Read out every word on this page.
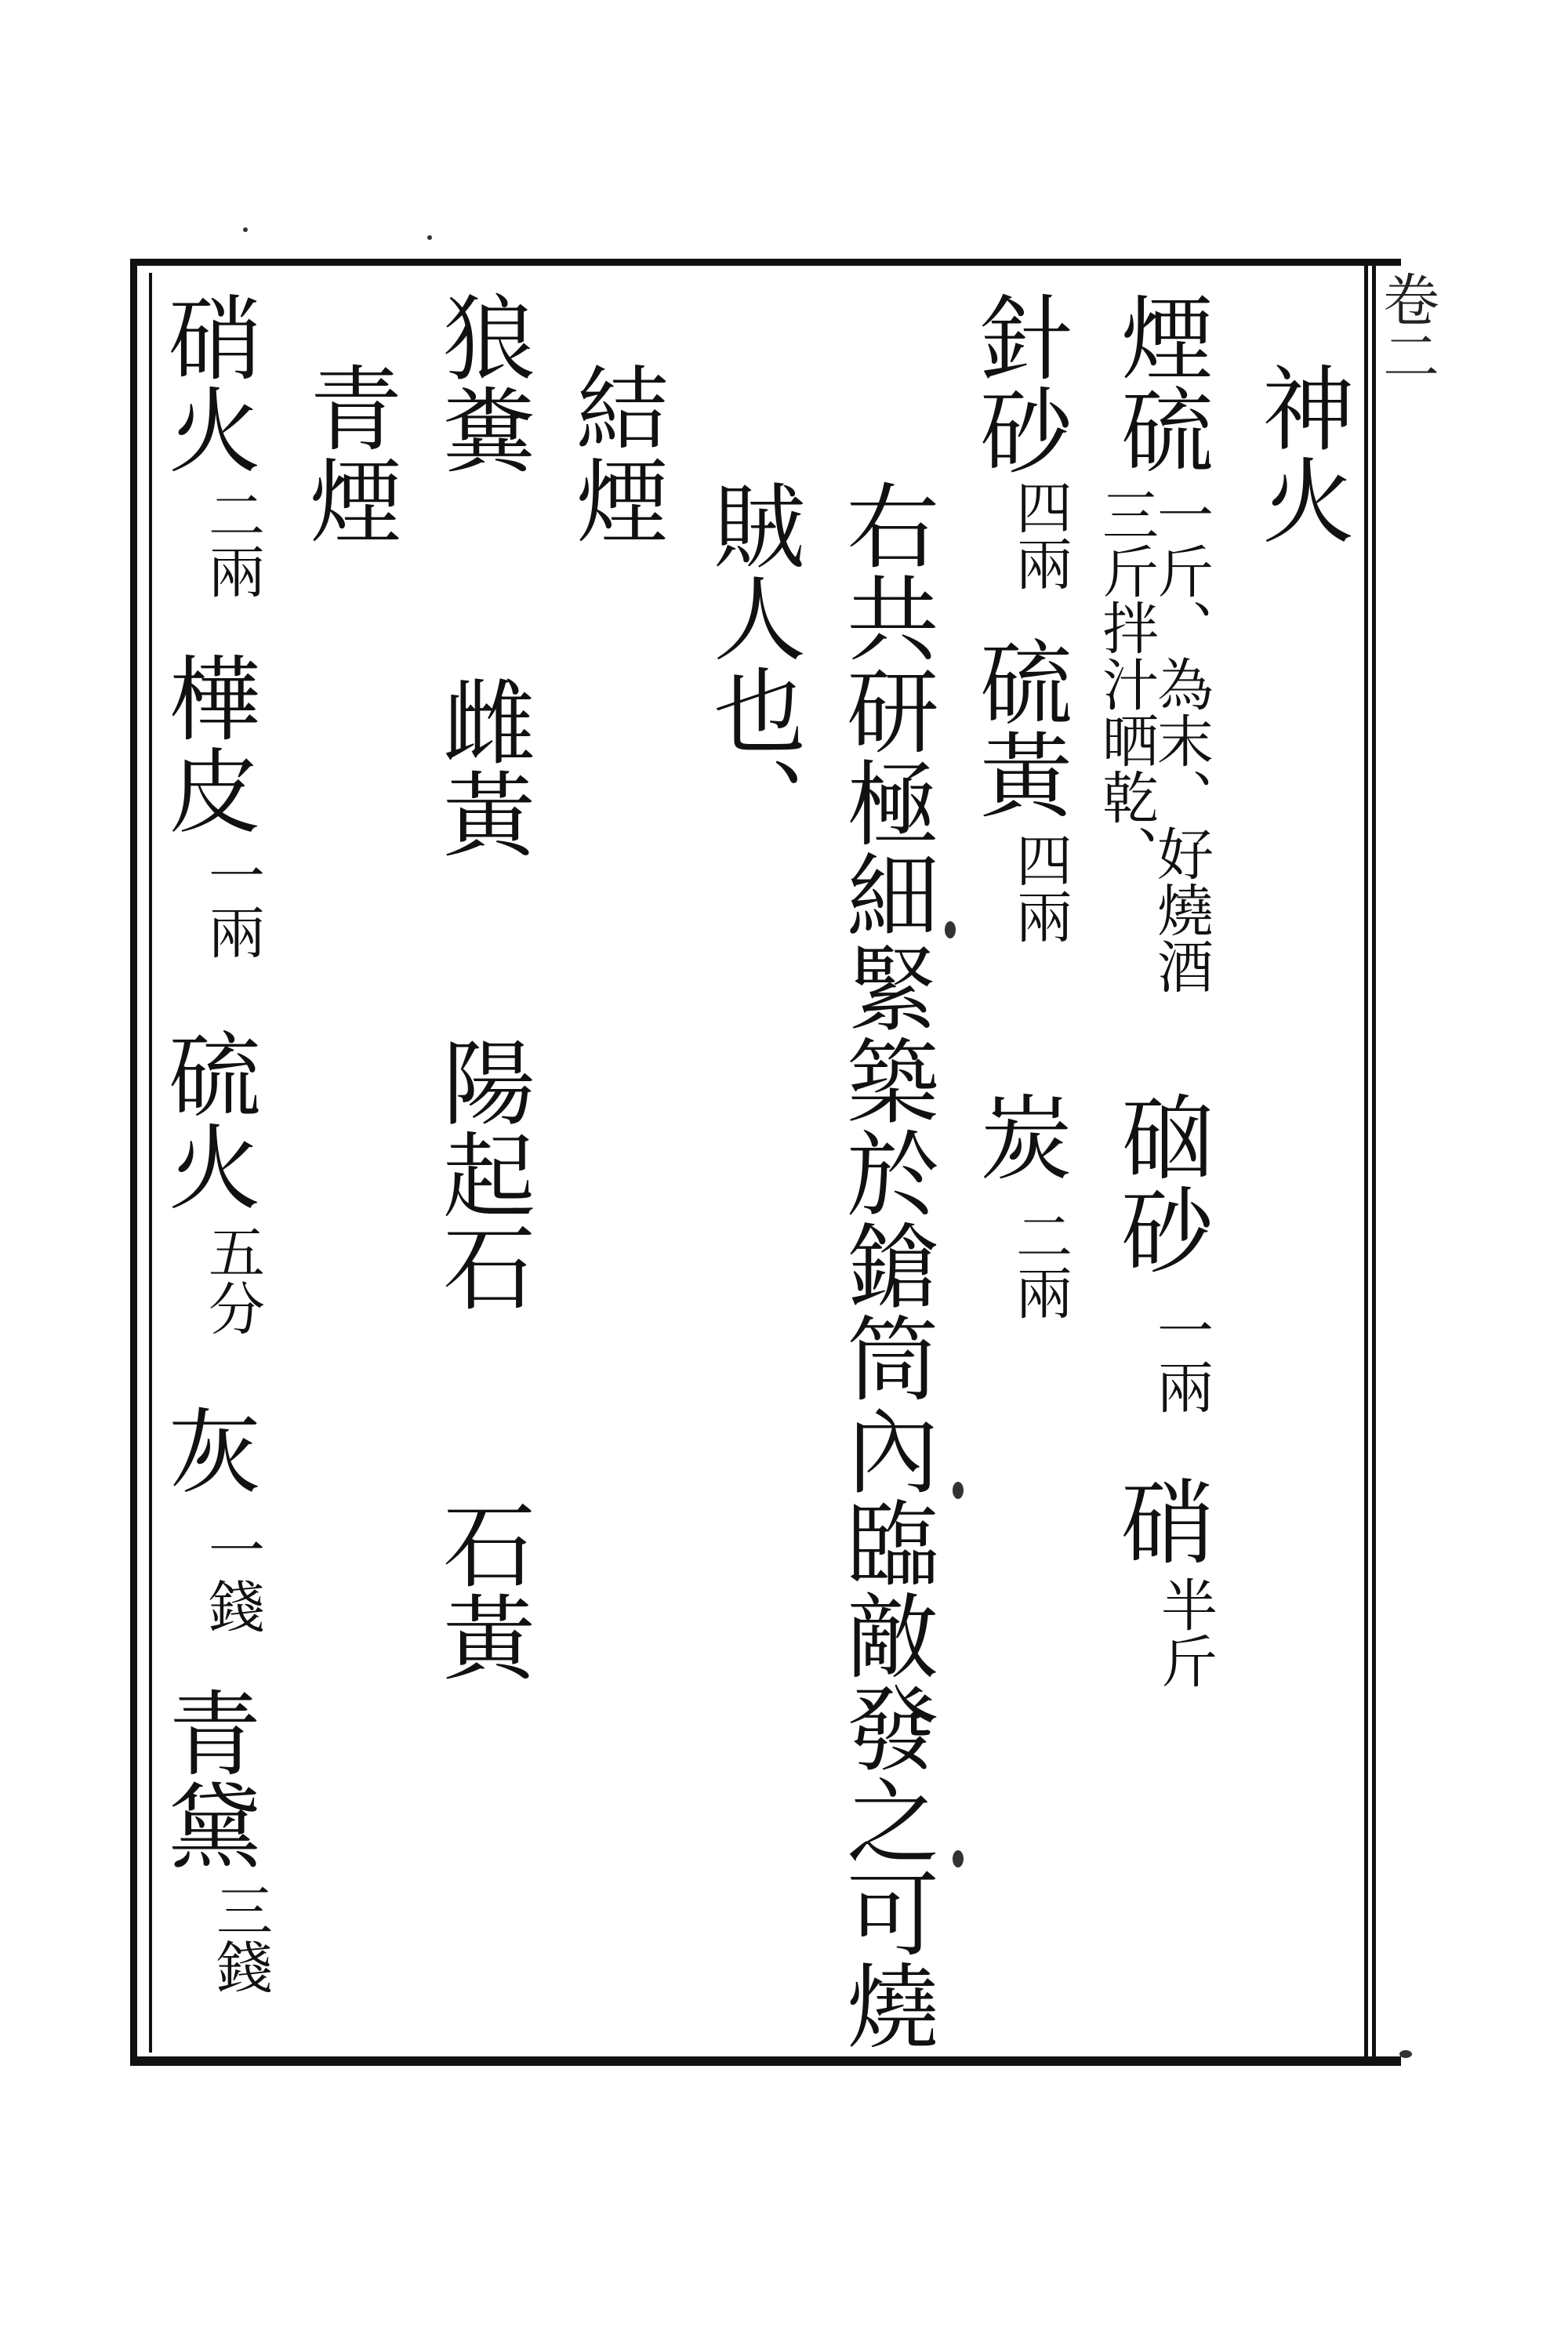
卷二
神火
煙硫
一斤、為末、好燒酒
三斤拌汁晒乾、
硇砂
一兩
硝
半斤
針砂
四兩
硫黃
四兩
炭
二兩
右共研極細緊築於鎗筒內臨敵發之可燒
賊人也、
結煙
狼糞
雌黃
陽起石
石黃
青煙
硝火
二兩
樺皮
一兩
硫火
五分
灰
一錢
青黛
三錢
